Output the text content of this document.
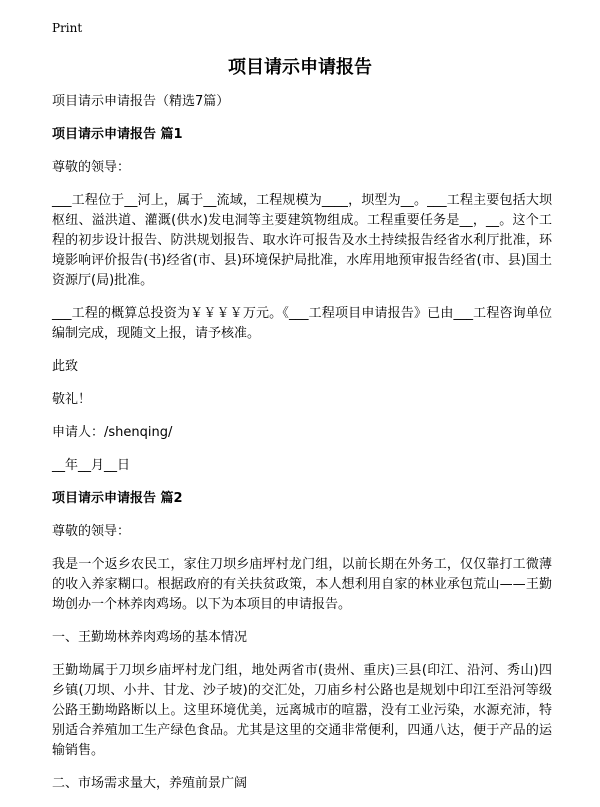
Print
项目请示申请报告

项目请示申请报告（精选7篇）

项目请示申请报告 篇1

尊敬的领导：

___工程位于__河上，属于__流域，工程规模为____，坝型为__。___工程主要包括大坝枢纽、溢洪道、灌溉(供水)发电洞等主要建筑物组成。工程重要任务是__，__。这个工程的初步设计报告、防洪规划报告、取水许可报告及水土持续报告经省水利厅批准，环境影响评价报告(书)经省(市、县)环境保护局批准，水库用地预审报告经省(市、县)国土资源厅(局)批准。

___工程的概算总投资为￥￥￥￥万元。《___工程项目申请报告》已由___工程咨询单位编制完成，现随文上报，请予核准。

此致

敬礼！

申请人：/shenqing/

__年__月__日

项目请示申请报告 篇2

尊敬的领导：

我是一个返乡农民工，家住刀坝乡庙坪村龙门组，以前长期在外务工，仅仅靠打工微薄的收入养家糊口。根据政府的有关扶贫政策，本人想利用自家的林业承包荒山——王勤坳创办一个林养肉鸡场。以下为本项目的申请报告。

一、王勤坳林养肉鸡场的基本情况

王勤坳属于刀坝乡庙坪村龙门组，地处两省市(贵州、重庆)三县(印江、沿河、秀山)四乡镇(刀坝、小井、甘龙、沙子坡)的交汇处，刀庙乡村公路也是规划中印江至沿河等级公路王勤坳路断以上。这里环境优美，远离城市的喧嚣，没有工业污染，水源充沛，特别适合养殖加工生产绿色食品。尤其是这里的交通非常便利，四通八达，便于产品的运输销售。

二、市场需求量大，养殖前景广阔
